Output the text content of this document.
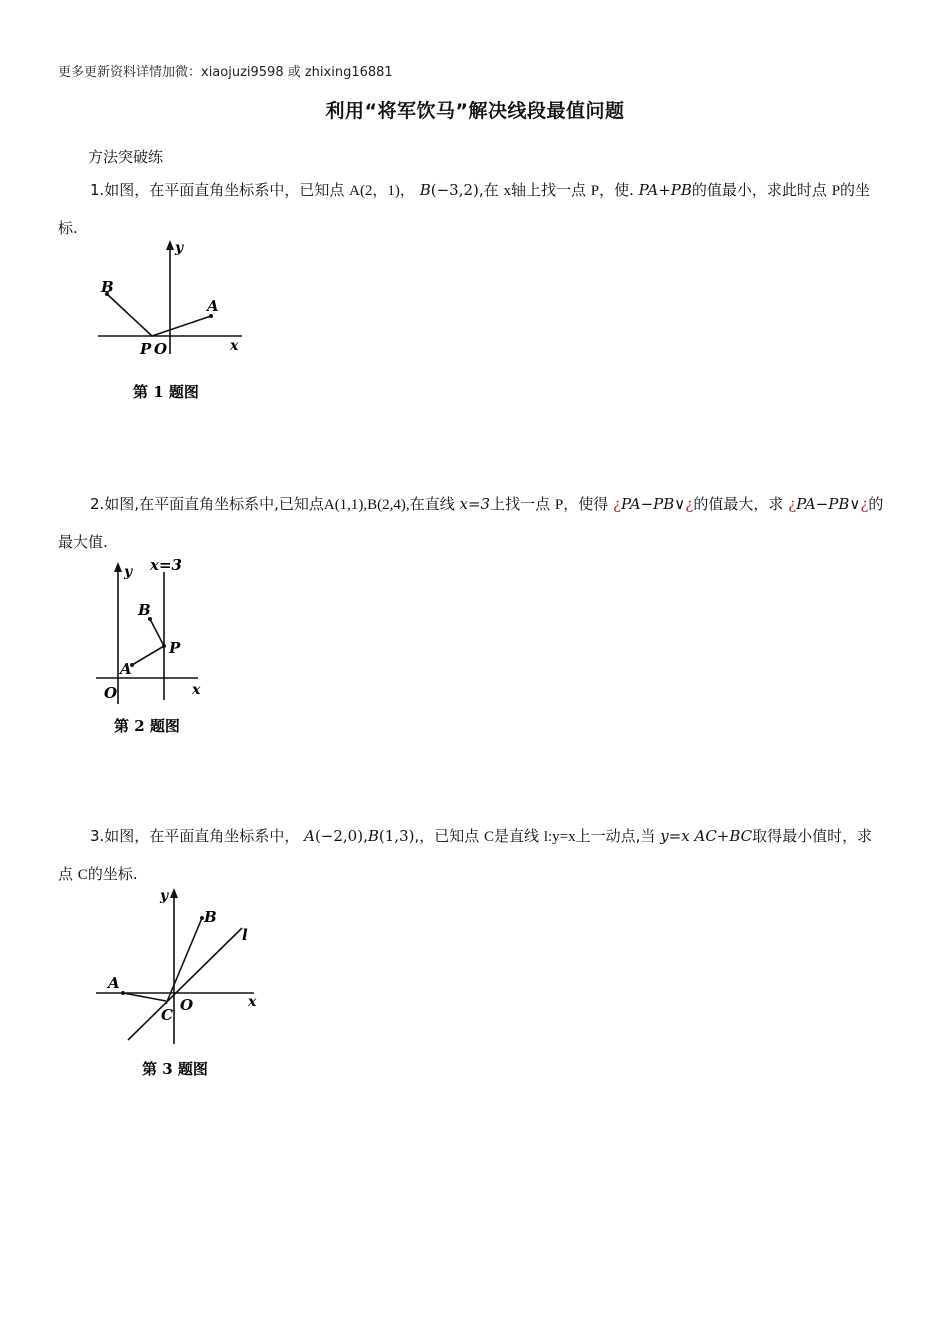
更多更新资料详情加微：xiaojuzi9598 或 zhixing16881
利用“将军饮马”解决线段最值问题
方法突破练
1.如图，在平面直角坐标系中，已知点 A(2，1)， B(−3,2),在 x轴上找一点 P，使. PA+PB的值最小，求此时点 P的坐标.
B
A
P O	x
y
第 1 题图
2.如图,在平面直角坐标系中,已知点A(1,1),B(2,4),在直线 x=3上找一点 P，使得 ¿PA−PB∨¿的值最大，求 ¿PA−PB∨¿的最大值.
x=3
B
P
A
O	x
y
第 2 题图
3.如图，在平面直角坐标系中， A(−2,0),B(1,3),，已知点 C是直线 l:y=x上一动点,当 y=x AC+BC取得最小值时，求点 C的坐标.
B
l
A
C
O	x
y
第 3 题图
